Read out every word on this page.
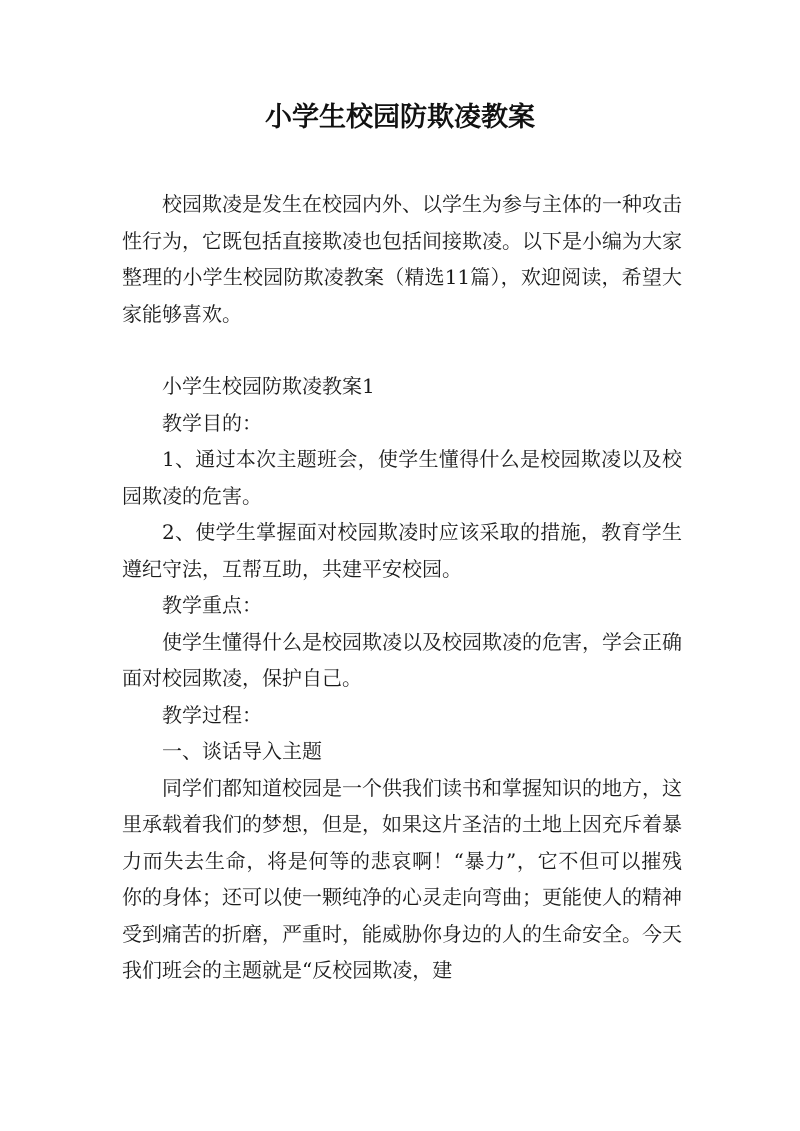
小学生校园防欺凌教案

校园欺凌是发生在校园内外、以学生为参与主体的一种攻击性行为，它既包括直接欺凌也包括间接欺凌。以下是小编为大家整理的小学生校园防欺凌教案（精选11篇），欢迎阅读，希望大家能够喜欢。

小学生校园防欺凌教案1

教学目的：

1、通过本次主题班会，使学生懂得什么是校园欺凌以及校园欺凌的危害。

2、使学生掌握面对校园欺凌时应该采取的措施，教育学生遵纪守法，互帮互助，共建平安校园。

教学重点：

使学生懂得什么是校园欺凌以及校园欺凌的危害，学会正确面对校园欺凌，保护自己。

教学过程：

一、谈话导入主题

同学们都知道校园是一个供我们读书和掌握知识的地方，这里承载着我们的梦想，但是，如果这片圣洁的土地上因充斥着暴力而失去生命，将是何等的悲哀啊！“暴力”，它不但可以摧残你的身体；还可以使一颗纯净的心灵走向弯曲；更能使人的精神受到痛苦的折磨，严重时，能威胁你身边的人的生命安全。今天我们班会的主题就是“反校园欺凌，建
